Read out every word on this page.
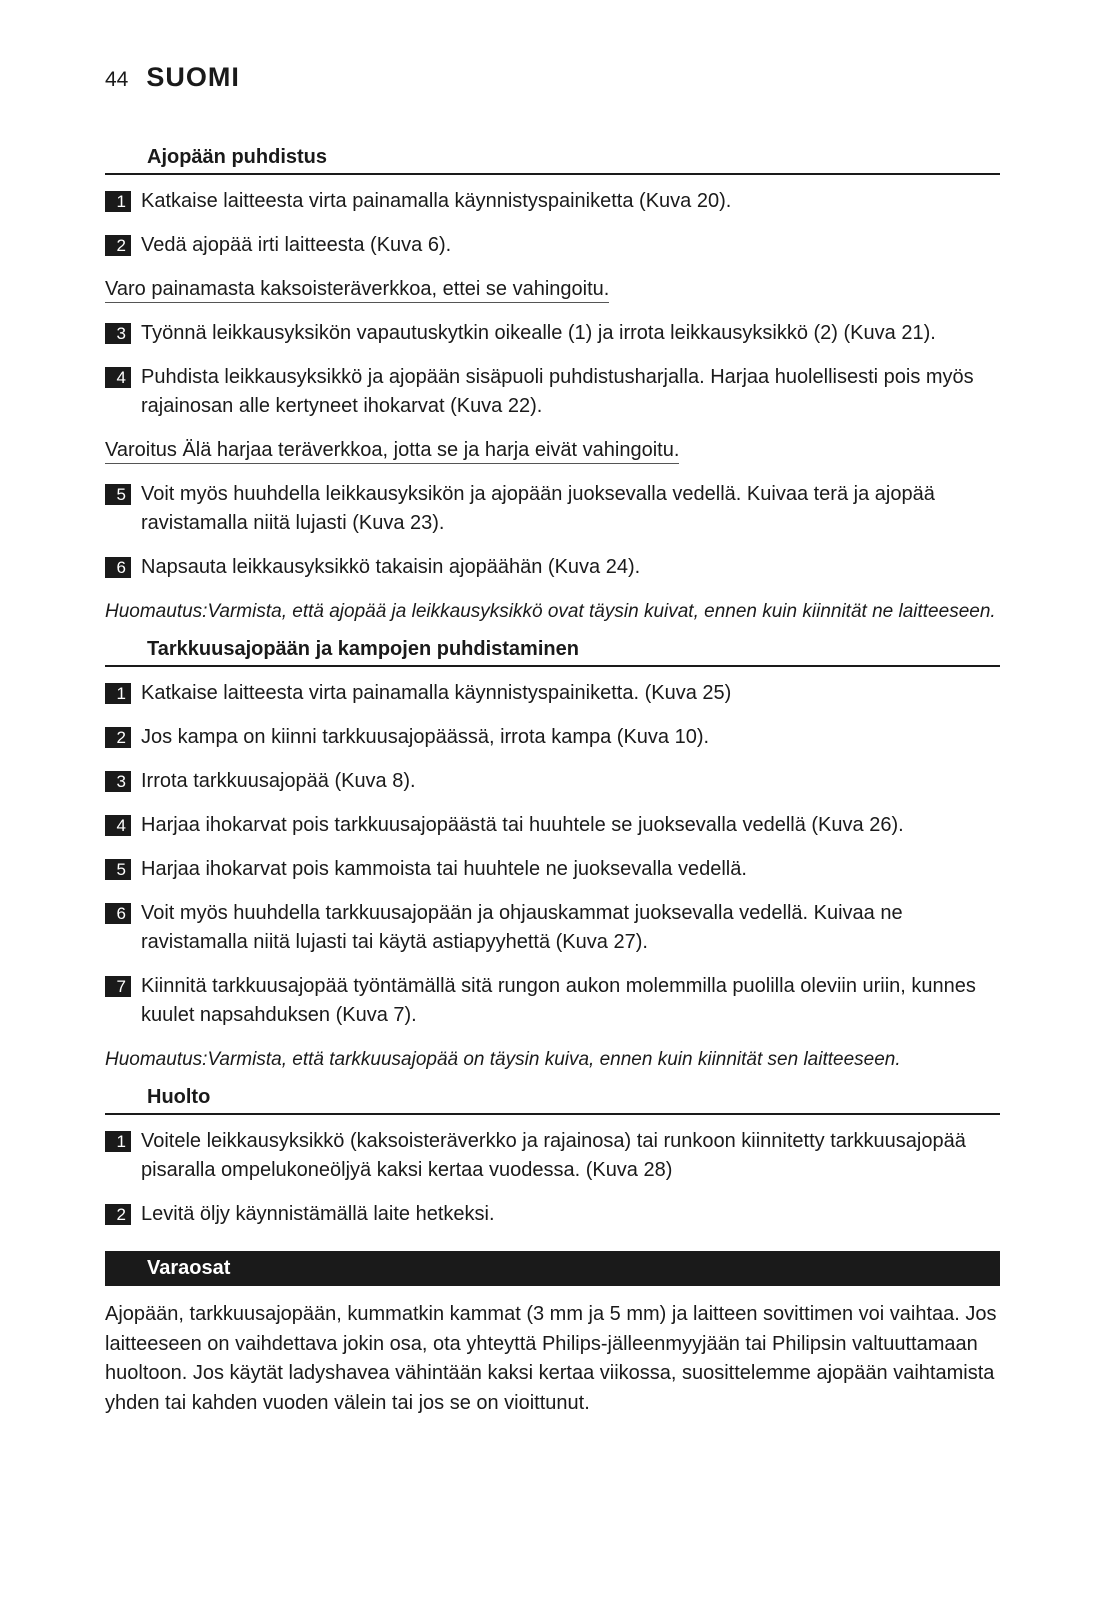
44 SUOMI
Ajopään puhdistus
1 Katkaise laitteesta virta painamalla käynnistyspainiketta (Kuva 20).
2 Vedä ajopää irti laitteesta (Kuva 6).
Varo painamasta kaksoisteräverkkoa, ettei se vahingoitu.
3 Työnnä leikkausyksikön vapautuskytkin oikealle (1) ja irrota leikkausyksikkö (2) (Kuva 21).
4 Puhdista leikkausyksikkö ja ajopään sisäpuoli puhdistusharjalla. Harjaa huolellisesti pois myös rajainosan alle kertyneet ihokarvat (Kuva 22).
Varoitus Älä harjaa teräverkkoa, jotta se ja harja eivät vahingoitu.
5 Voit myös huuhdella leikkausyksikön ja ajopään juoksevalla vedellä. Kuivaa terä ja ajopää ravistamalla niitä lujasti (Kuva 23).
6 Napsauta leikkausyksikkö takaisin ajopäähän (Kuva 24).
Huomautus:Varmista, että ajopää ja leikkausyksikkö ovat täysin kuivat, ennen kuin kiinnität ne laitteeseen.
Tarkkuusajopään ja kampojen puhdistaminen
1 Katkaise laitteesta virta painamalla käynnistyspainiketta. (Kuva 25)
2 Jos kampa on kiinni tarkkuusajopäässä, irrota kampa (Kuva 10).
3 Irrota tarkkuusajopää (Kuva 8).
4 Harjaa ihokarvat pois tarkkuusajopäästä tai huuhtele se juoksevalla vedellä (Kuva 26).
5 Harjaa ihokarvat pois kammoista tai huuhtele ne juoksevalla vedellä.
6 Voit myös huuhdella tarkkuusajopään ja ohjauskammat juoksevalla vedellä. Kuivaa ne ravistamalla niitä lujasti tai käytä astiapyyhettä (Kuva 27).
7 Kiinnitä tarkkuusajopää työntämällä sitä rungon aukon molemmilla puolilla oleviin uriin, kunnes kuulet napsahduksen (Kuva 7).
Huomautus:Varmista, että tarkkuusajopää on täysin kuiva, ennen kuin kiinnität sen laitteeseen.
Huolto
1 Voitele leikkausyksikkö (kaksoisteräverkko ja rajainosa) tai runkoon kiinnitetty tarkkuusajopää pisaralla ompelukoneöljyä kaksi kertaa vuodessa. (Kuva 28)
2 Levitä öljy käynnistämällä laite hetkeksi.
Varaosat
Ajopään, tarkkuusajopään, kummatkin kammat (3 mm ja 5 mm) ja laitteen sovittimen voi vaihtaa. Jos laitteeseen on vaihdettava jokin osa, ota yhteyttä Philips-jälleenmyyjään tai Philipsin valtuuttamaan huoltoon. Jos käytät ladyshavea vähintään kaksi kertaa viikossa, suosittelemme ajopään vaihtamista yhden tai kahden vuoden välein tai jos se on vioittunut.
